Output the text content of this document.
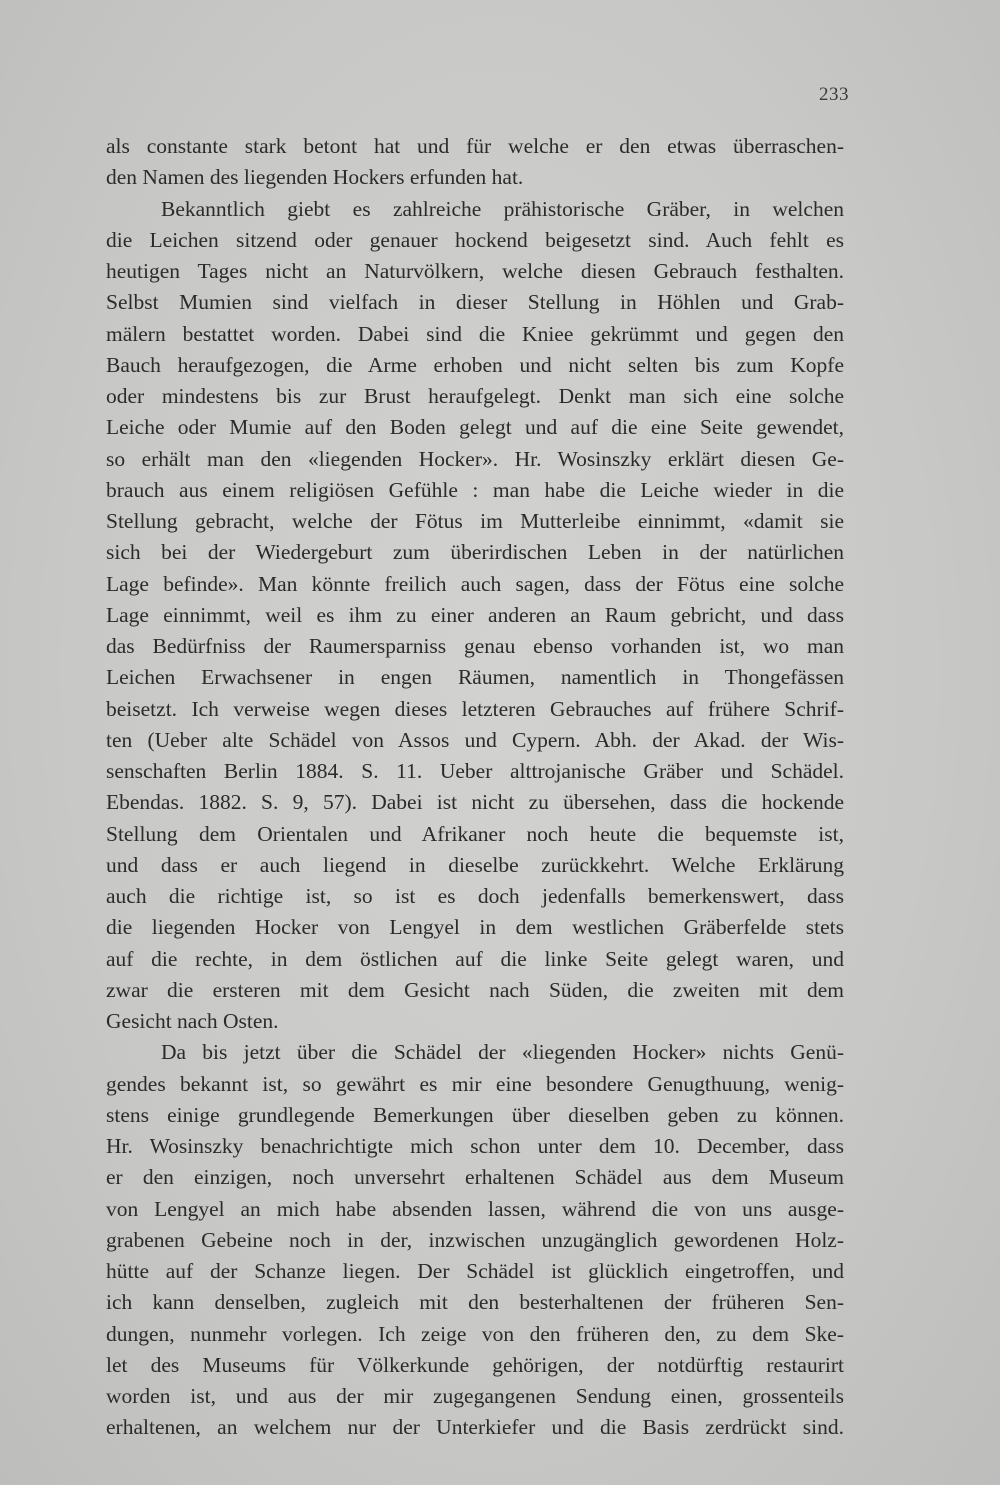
233
als constante stark betont hat und für welche er den etwas überraschen-
den Namen des liegenden Hockers erfunden hat.
Bekanntlich giebt es zahlreiche prähistorische Gräber, in welchen
die Leichen sitzend oder genauer hockend beigesetzt sind. Auch fehlt es
heutigen Tages nicht an Naturvölkern, welche diesen Gebrauch festhalten.
Selbst Mumien sind vielfach in dieser Stellung in Höhlen und Grab-
mälern bestattet worden. Dabei sind die Kniee gekrümmt und gegen den
Bauch heraufgezogen, die Arme erhoben und nicht selten bis zum Kopfe
oder mindestens bis zur Brust heraufgelegt. Denkt man sich eine solche
Leiche oder Mumie auf den Boden gelegt und auf die eine Seite gewendet,
so erhält man den «liegenden Hocker». Hr. Wosinszky erklärt diesen Ge-
brauch aus einem religiösen Gefühle : man habe die Leiche wieder in die
Stellung gebracht, welche der Fötus im Mutterleibe einnimmt, «damit sie
sich bei der Wiedergeburt zum überirdischen Leben in der natürlichen
Lage befinde». Man könnte freilich auch sagen, dass der Fötus eine solche
Lage einnimmt, weil es ihm zu einer anderen an Raum gebricht, und dass
das Bedürfniss der Raumersparniss genau ebenso vorhanden ist, wo man
Leichen Erwachsener in engen Räumen, namentlich in Thongefässen
beisetzt. Ich verweise wegen dieses letzteren Gebrauches auf frühere Schrif-
ten (Ueber alte Schädel von Assos und Cypern. Abh. der Akad. der Wis-
senschaften Berlin 1884. S. 11. Ueber alttrojanische Gräber und Schädel.
Ebendas. 1882. S. 9, 57). Dabei ist nicht zu übersehen, dass die hockende
Stellung dem Orientalen und Afrikaner noch heute die bequemste ist,
und dass er auch liegend in dieselbe zurückkehrt. Welche Erklärung
auch die richtige ist, so ist es doch jedenfalls bemerkenswert, dass
die liegenden Hocker von Lengyel in dem westlichen Gräberfelde stets
auf die rechte, in dem östlichen auf die linke Seite gelegt waren, und
zwar die ersteren mit dem Gesicht nach Süden, die zweiten mit dem
Gesicht nach Osten.
Da bis jetzt über die Schädel der «liegenden Hocker» nichts Genü-
gendes bekannt ist, so gewährt es mir eine besondere Genugthuung, wenig-
stens einige grundlegende Bemerkungen über dieselben geben zu können.
Hr. Wosinszky benachrichtigte mich schon unter dem 10. December, dass
er den einzigen, noch unversehrt erhaltenen Schädel aus dem Museum
von Lengyel an mich habe absenden lassen, während die von uns ausge-
grabenen Gebeine noch in der, inzwischen unzugänglich gewordenen Holz-
hütte auf der Schanze liegen. Der Schädel ist glücklich eingetroffen, und
ich kann denselben, zugleich mit den besterhaltenen der früheren Sen-
dungen, nunmehr vorlegen. Ich zeige von den früheren den, zu dem Ske-
let des Museums für Völkerkunde gehörigen, der notdürftig restaurirt
worden ist, und aus der mir zugegangenen Sendung einen, grossenteils
erhaltenen, an welchem nur der Unterkiefer und die Basis zerdrückt sind.
